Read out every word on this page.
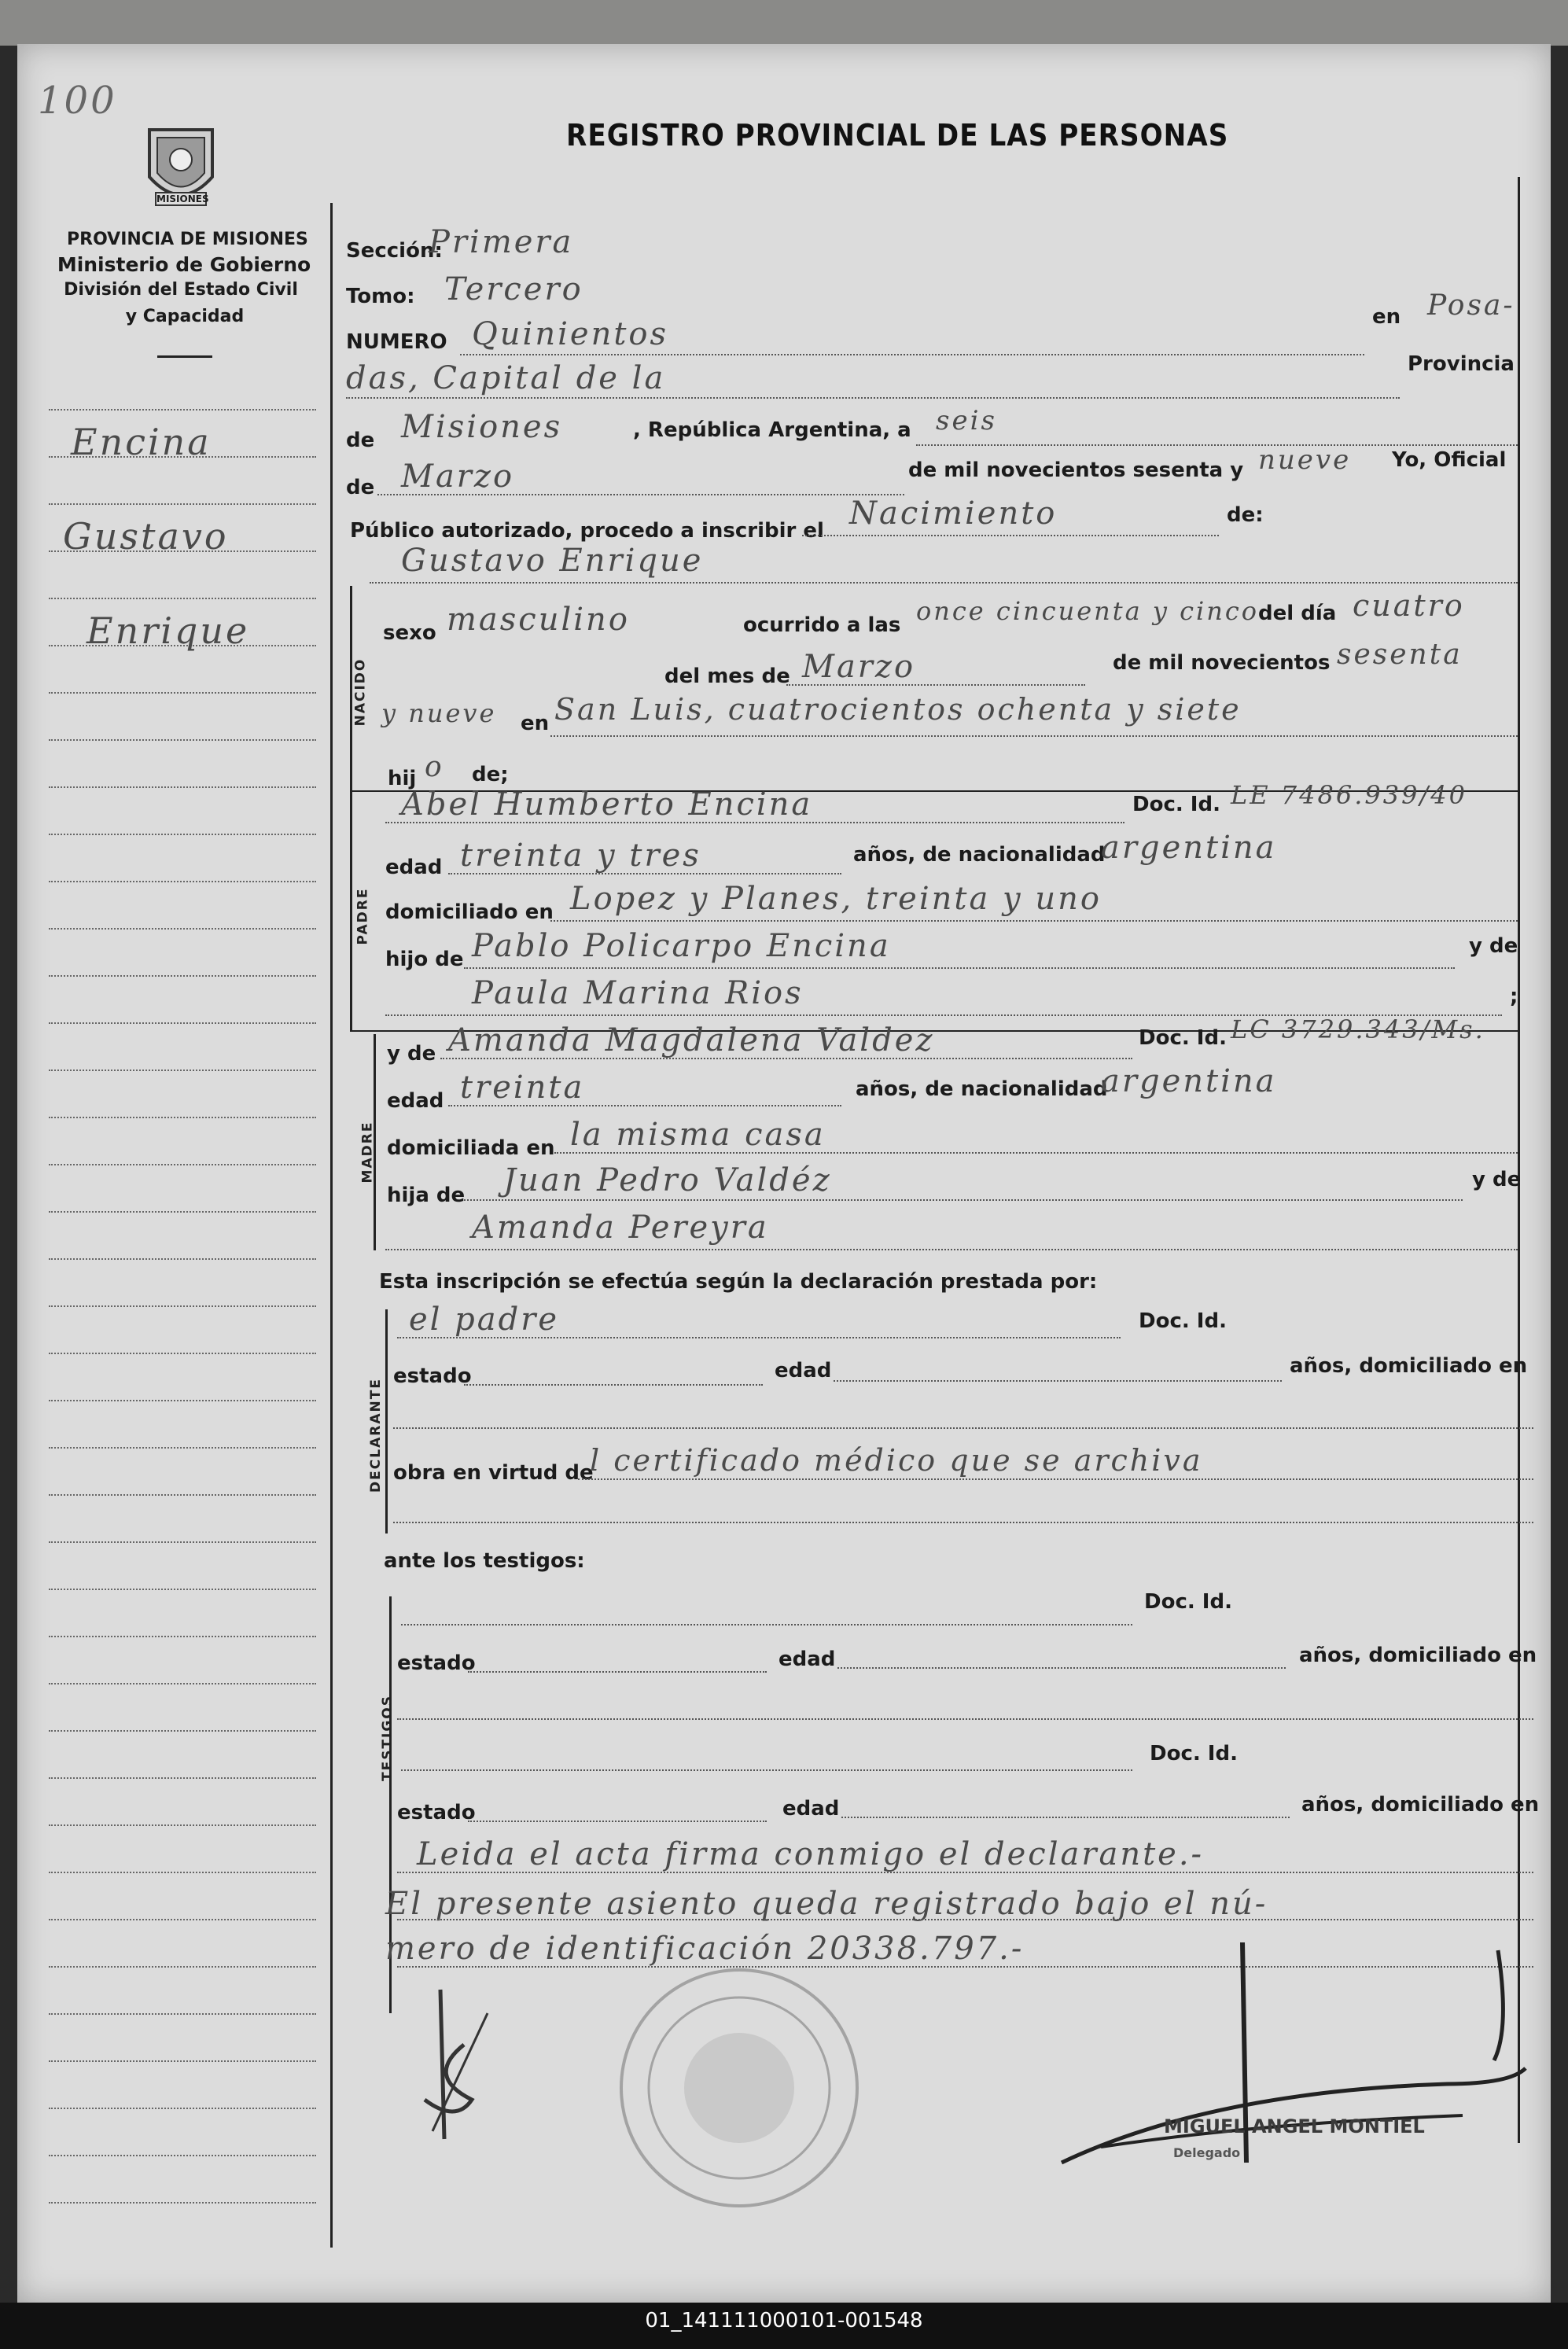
100
MISIONES
REGISTRO PROVINCIAL DE LAS PERSONAS
PROVINCIA DE MISIONES
Ministerio de Gobierno
División del Estado Civil
y Capacidad
Encina
Gustavo
Enrique
Sección:
Primera
Tomo: Tercero
NUMERO Quinientos	en Posa-
das, Capital de la	Provincia
de Misiones	, República Argentina, a seis
de Marzo	de mil novecientos sesenta y nueve Yo, Oficial
Público autorizado, procedo a inscribir el Nacimiento	de:
NACIDO
Gustavo Enrique
sexo masculino	ocurrido a las once cincuenta y cinco
del día cuatro
del mes de Marzo	de mil novecientos sesenta
y nueve en San Luis, cuatrocientos ochenta y siete
hij o de;
PADRE
Abel Humberto Encina	Doc. Id. LE 7486.939/40
edad treinta y tres	años, de nacionalidad
argentina
domiciliado en Lopez y Planes, treinta y uno
hijo de Pablo Policarpo Encina	y de
Paula Marina Rios	;
MADRE
y de Amanda Magdalena Valdez	Doc. Id. LC 3729.343/Ms.
edad treinta	años, de nacionalidad
argentina
domiciliada en la misma casa
hija de Juan Pedro Valdéz	y de
Amanda Pereyra
Esta inscripción se efectúa según la declaración prestada por:
DECLARANTE
el padre	Doc. Id.
estado	edad	años, domiciliado en
obra en virtud de
l certificado médico que se archiva
ante los testigos:
TESTIGOS
Doc. Id.
estado	edad	años, domiciliado en
Doc. Id.
estado	edad	años, domiciliado en
Leida el acta firma conmigo el declarante.-
El presente asiento queda registrado bajo el nú-
mero de identificación 20338.797.-
MIGUEL ANGEL MONTIEL
Delegado
01_141111000101-001548
